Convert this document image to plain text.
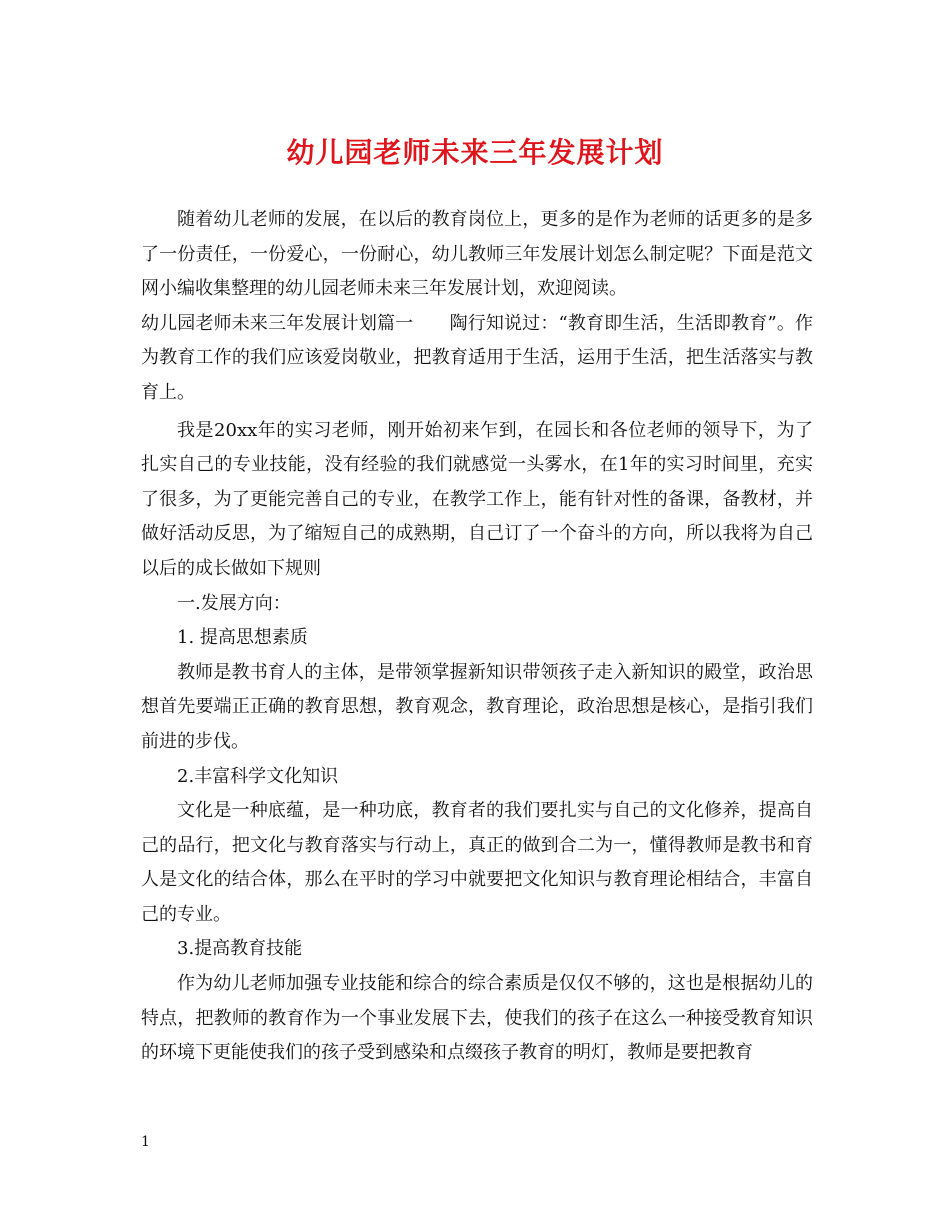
幼儿园老师未来三年发展计划

随着幼儿老师的发展，在以后的教育岗位上，更多的是作为老师的话更多的是多了一份责任，一份爱心，一份耐心，幼儿教师三年发展计划怎么制定呢？下面是范文网小编收集整理的幼儿园老师未来三年发展计划，欢迎阅读。

幼儿园老师未来三年发展计划篇一　　陶行知说过：“教育即生活，生活即教育”。作为教育工作的我们应该爱岗敬业，把教育适用于生活，运用于生活，把生活落实与教育上。

我是20xx年的实习老师，刚开始初来乍到，在园长和各位老师的领导下，为了扎实自己的专业技能，没有经验的我们就感觉一头雾水，在1年的实习时间里，充实了很多，为了更能完善自己的专业，在教学工作上，能有针对性的备课，备教材，并做好活动反思，为了缩短自己的成熟期，自己订了一个奋斗的方向，所以我将为自己以后的成长做如下规则

一.发展方向：

1. 提高思想素质

教师是教书育人的主体，是带领掌握新知识带领孩子走入新知识的殿堂，政治思想首先要端正正确的教育思想，教育观念，教育理论，政治思想是核心，是指引我们前进的步伐。

2.丰富科学文化知识

文化是一种底蕴，是一种功底，教育者的我们要扎实与自己的文化修养，提高自己的品行，把文化与教育落实与行动上，真正的做到合二为一，懂得教师是教书和育人是文化的结合体，那么在平时的学习中就要把文化知识与教育理论相结合，丰富自己的专业。

3.提高教育技能

作为幼儿老师加强专业技能和综合的综合素质是仅仅不够的，这也是根据幼儿的特点，把教师的教育作为一个事业发展下去，使我们的孩子在这么一种接受教育知识的环境下更能使我们的孩子受到感染和点缀孩子教育的明灯，教师是要把教育

1
